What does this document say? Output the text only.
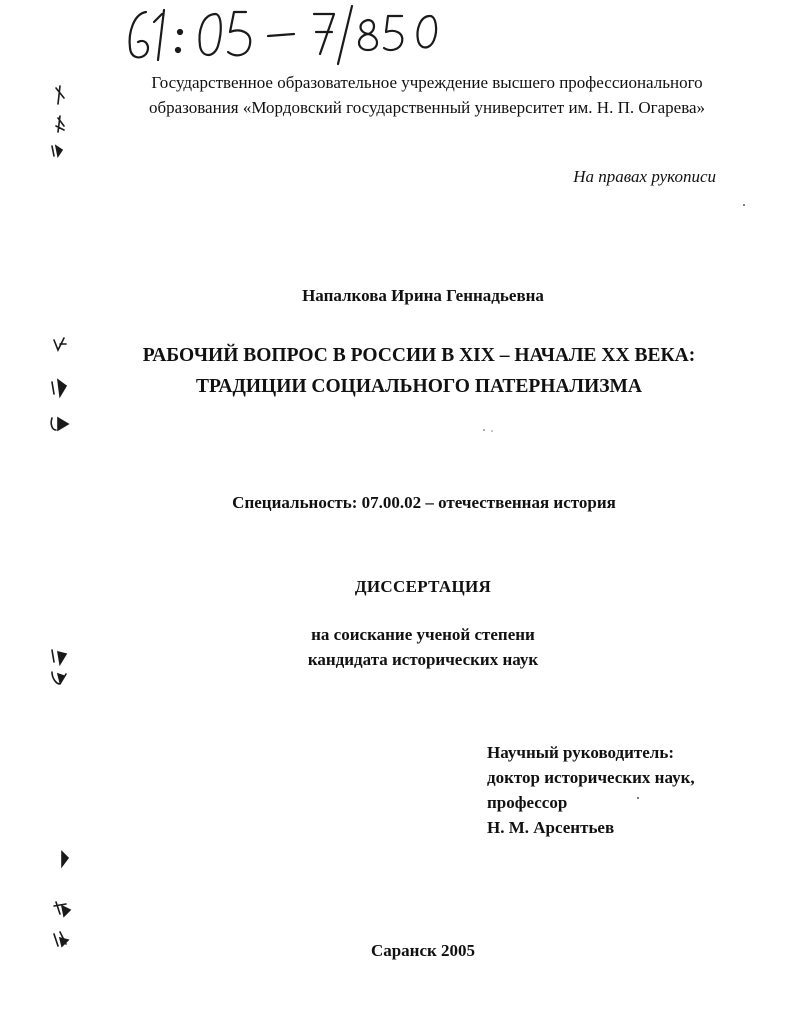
Государственное образовательное учреждение высшего профессионального
образования «Мордовский государственный университет им. Н. П. Огарева»
На правах рукописи
Напалкова Ирина Геннадьевна
РАБОЧИЙ ВОПРОС В РОССИИ В XIX – НАЧАЛЕ XX ВЕКА:
ТРАДИЦИИ СОЦИАЛЬНОГО ПАТЕРНАЛИЗМА
Специальность: 07.00.02 – отечественная история
ДИССЕРТАЦИЯ
на соискание ученой степени
кандидата исторических наук
Научный руководитель:
доктор исторических наук,
профессор
Н. М. Арсентьев
Саранск 2005
